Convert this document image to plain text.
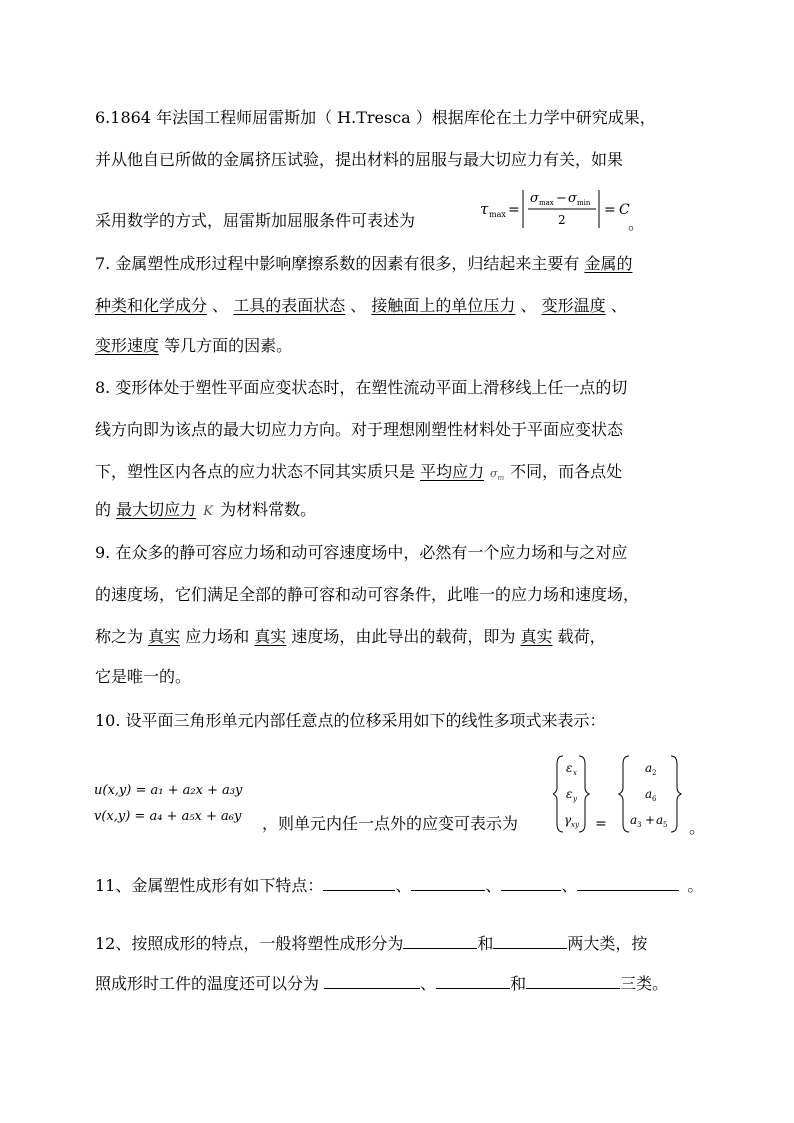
6.1864 年法国工程师屈雷斯加（ H.Tresca ）根据库伦在土力学中研究成果，
并从他自已所做的金属挤压试验，提出材料的屈服与最大切应力有关，如果
采用数学的方式，屈雷斯加屈服条件可表述为
τ max =
σ max − σ min
2
= C
。
7. 金属塑性成形过程中影响摩擦系数的因素有很多，归结起来主要有 金属的
种类和化学成分 、 工具的表面状态 、 接触面上的单位压力 、 变形温度 、
变形速度 等几方面的因素。
8. 变形体处于塑性平面应变状态时，在塑性流动平面上滑移线上任一点的切
线方向即为该点的最大切应力方向。对于理想刚塑性材料处于平面应变状态
下，塑性区内各点的应力状态不同其实质只是 平均应力 $\sigma_m$ 不同，而各点处
的 最大切应力 K 为材料常数。
9. 在众多的静可容应力场和动可容速度场中，必然有一个应力场和与之对应
的速度场，它们满足全部的静可容和动可容条件，此唯一的应力场和速度场，
称之为 真实 应力场和 真实 速度场，由此导出的载荷，即为 真实 载荷，
它是唯一的。
10. 设平面三角形单元内部任意点的位移采用如下的线性多项式来表示：
u(x,y) = a₁ + a₂x + a₃y
v(x,y) = a₄ + a₅x + a₆y ，则单元内任一点外的应变可表示为
ε x
ε y
γ xy =
a 2
a 6
a 3 + a 5 。
11、金属塑性成形有如下特点：	、	、	、	。
12、按照成形的特点，一般将塑性成形分为	和	两大类，按
照成形时工件的温度还可以分为	、	和	三类。
